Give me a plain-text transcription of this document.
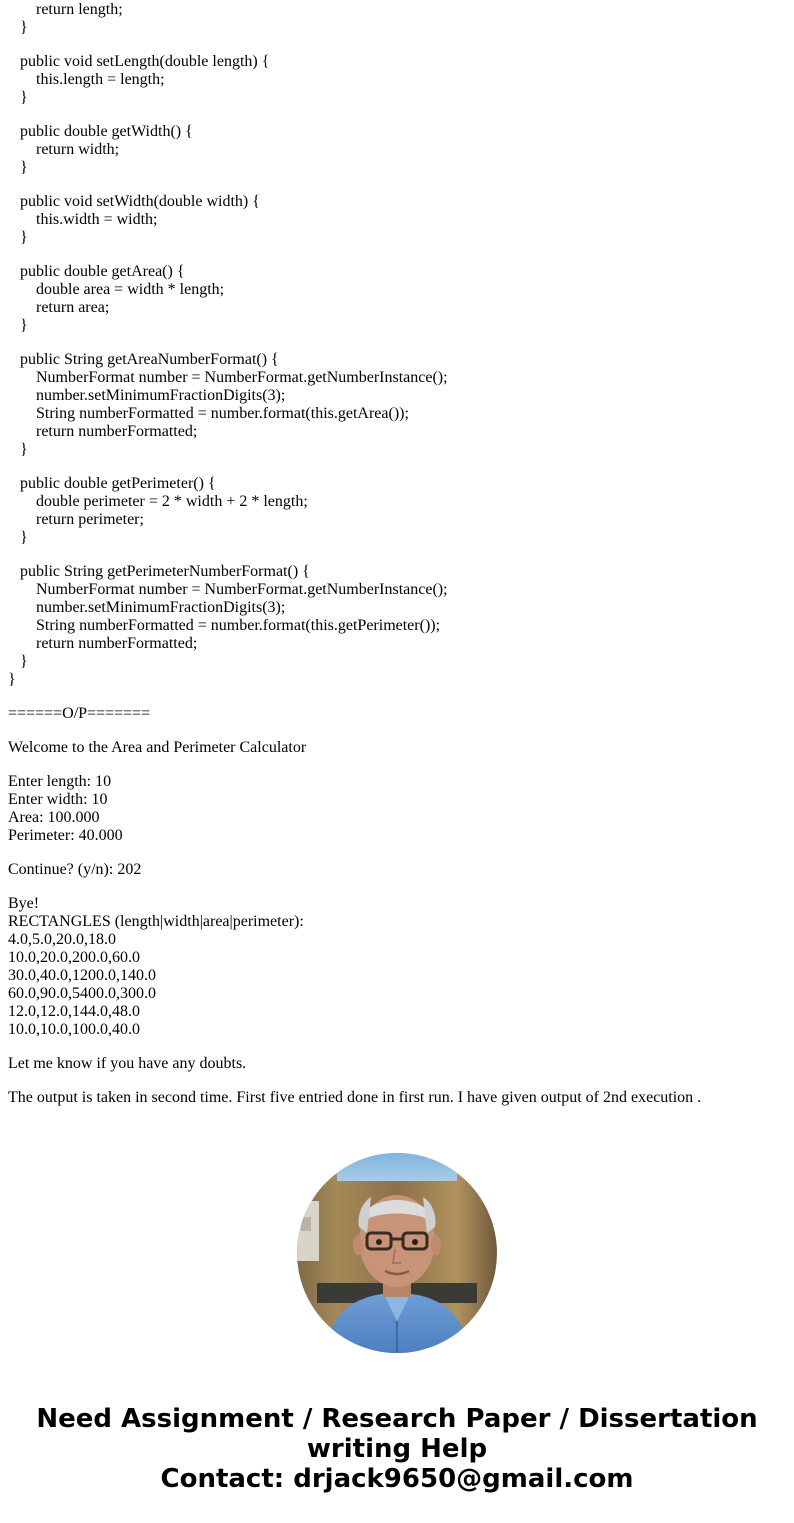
return length;
}
public void setLength(double length) {
this.length = length;
}
public double getWidth() {
return width;
}
public void setWidth(double width) {
this.width = width;
}
public double getArea() {
double area = width * length;
return area;
}
public String getAreaNumberFormat() {
NumberFormat number = NumberFormat.getNumberInstance();
number.setMinimumFractionDigits(3);
String numberFormatted = number.format(this.getArea());
return numberFormatted;
}
public double getPerimeter() {
double perimeter = 2 * width + 2 * length;
return perimeter;
}
public String getPerimeterNumberFormat() {
NumberFormat number = NumberFormat.getNumberInstance();
number.setMinimumFractionDigits(3);
String numberFormatted = number.format(this.getPerimeter());
return numberFormatted;
}
}
======O/P=======
Welcome to the Area and Perimeter Calculator
Enter length: 10
Enter width: 10
Area: 100.000
Perimeter: 40.000
Continue? (y/n): 202
Bye!
RECTANGLES (length|width|area|perimeter):
4.0,5.0,20.0,18.0
10.0,20.0,200.0,60.0
30.0,40.0,1200.0,140.0
60.0,90.0,5400.0,300.0
12.0,12.0,144.0,48.0
10.0,10.0,100.0,40.0
Let me know if you have any doubts.
The output is taken in second time. First five entried done in first run. I have given output of 2nd execution .
Need Assignment / Research Paper / Dissertation
writing Help
Contact: drjack9650@gmail.com
